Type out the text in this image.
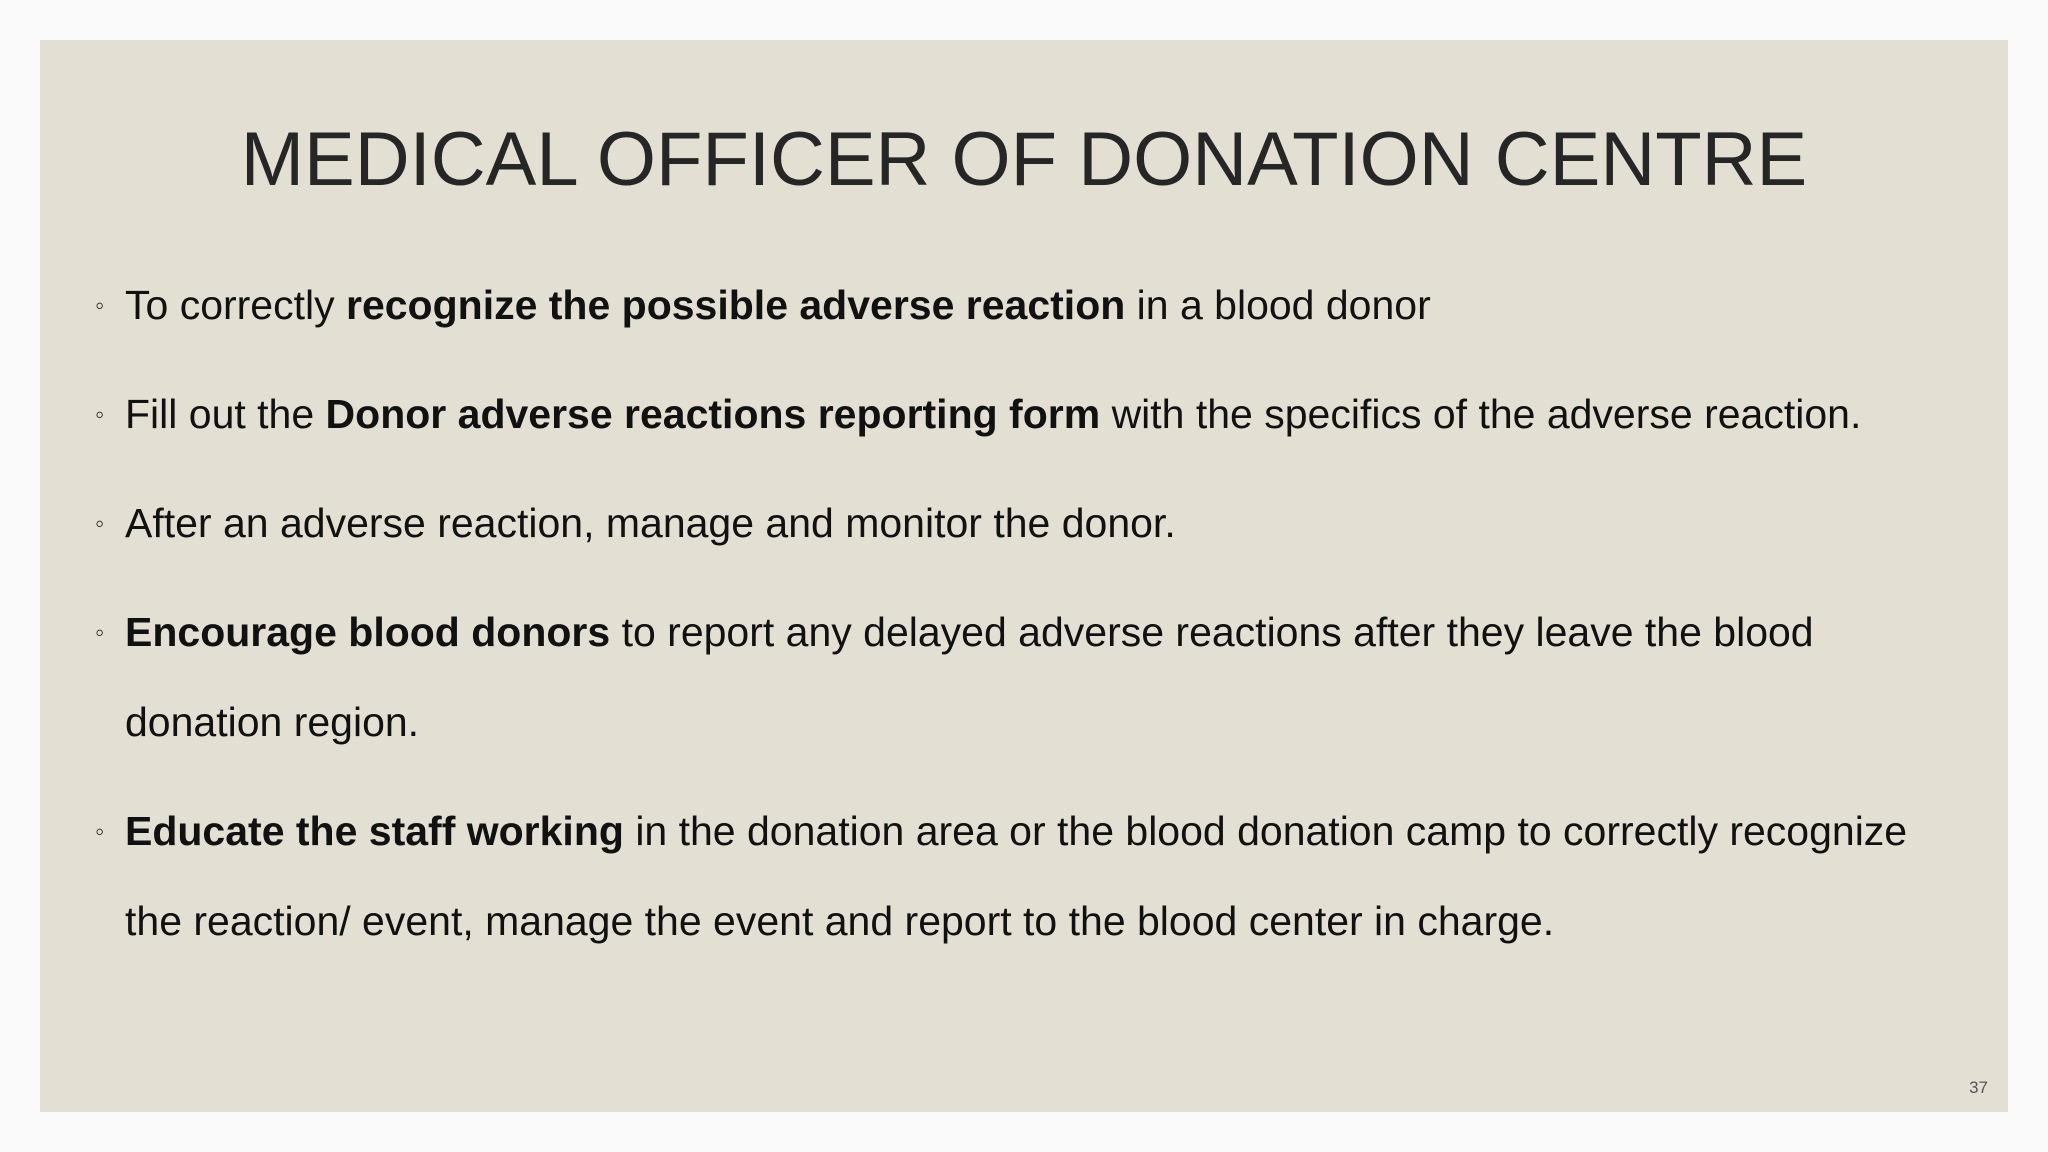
MEDICAL OFFICER OF DONATION CENTRE
◦ To correctly recognize the possible adverse reaction in a blood donor
◦ Fill out the Donor adverse reactions reporting form with the specifics of the adverse reaction.
◦ After an adverse reaction, manage and monitor the donor.
◦ Encourage blood donors to report any delayed adverse reactions after they leave the blood
donation region.
◦ Educate the staff working in the donation area or the blood donation camp to correctly recognize
the reaction/ event, manage the event and report to the blood center in charge.
37
